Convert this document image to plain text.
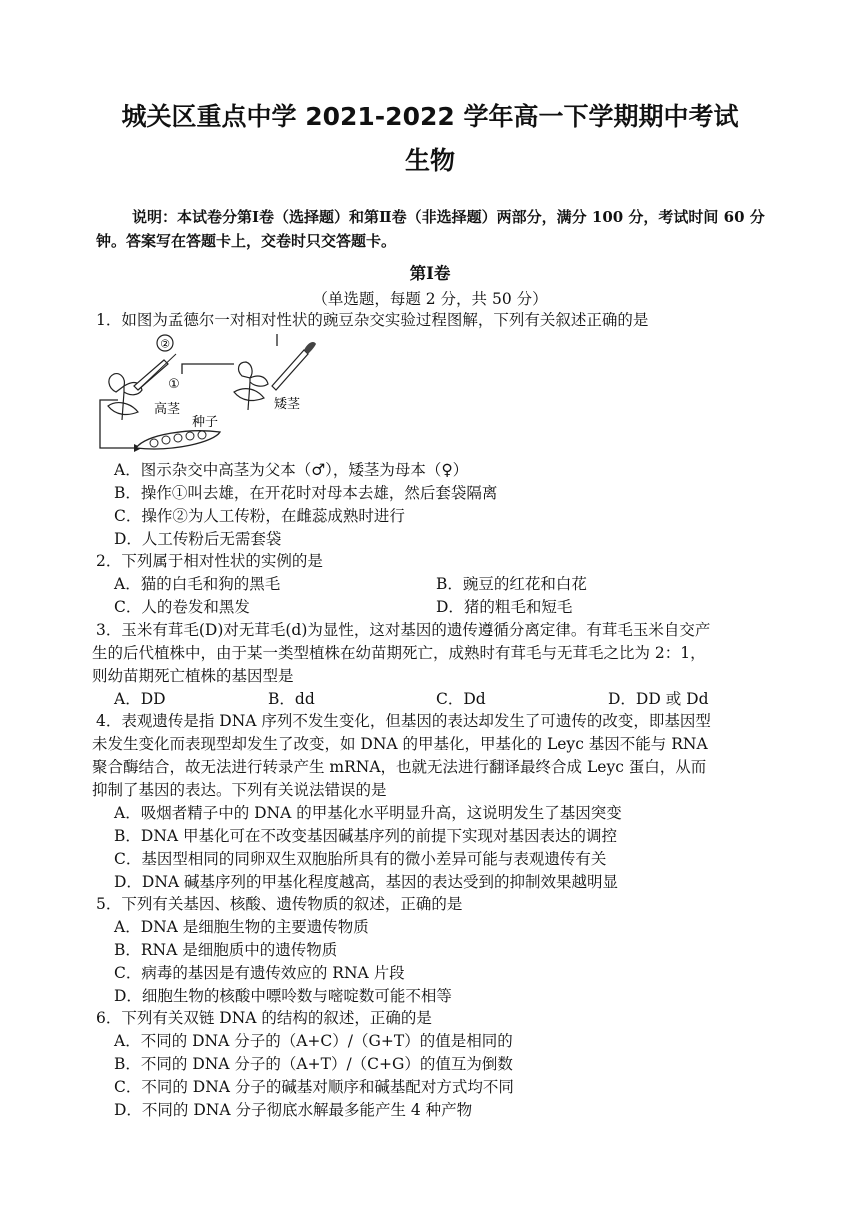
城关区重点中学 2021-2022 学年高一下学期期中考试
生物
说明：本试卷分第Ⅰ卷（选择题）和第Ⅱ卷（非选择题）两部分，满分 100 分，考试时间 60 分钟。答案写在答题卡上，交卷时只交答题卡。
第Ⅰ卷
（单选题，每题 2 分，共 50 分）
1．如图为孟德尔一对相对性状的豌豆杂交实验过程图解，下列有关叙述正确的是
②
①
高茎
种子
矮茎
A．图示杂交中高茎为父本（♂），矮茎为母本（♀）
B．操作①叫去雄，在开花时对母本去雄，然后套袋隔离
C．操作②为人工传粉，在雌蕊成熟时进行
D．人工传粉后无需套袋
2．下列属于相对性状的实例的是
A．猫的白毛和狗的黑毛	B．豌豆的红花和白花
C．人的卷发和黑发	D．猪的粗毛和短毛
3．玉米有茸毛(D)对无茸毛(d)为显性，这对基因的遗传遵循分离定律。有茸毛玉米自交产
生的后代植株中，由于某一类型植株在幼苗期死亡，成熟时有茸毛与无茸毛之比为 2：1，
则幼苗期死亡植株的基因型是
A．DD	B．dd	C．Dd	D．DD 或 Dd
4．表观遗传是指 DNA 序列不发生变化，但基因的表达却发生了可遗传的改变，即基因型
未发生变化而表现型却发生了改变，如 DNA 的甲基化，甲基化的 Leyc 基因不能与 RNA
聚合酶结合，故无法进行转录产生 mRNA，也就无法进行翻译最终合成 Leyc 蛋白，从而
抑制了基因的表达。下列有关说法错误的是
A．吸烟者精子中的 DNA 的甲基化水平明显升高，这说明发生了基因突变
B．DNA 甲基化可在不改变基因碱基序列的前提下实现对基因表达的调控
C．基因型相同的同卵双生双胞胎所具有的微小差异可能与表观遗传有关
D．DNA 碱基序列的甲基化程度越高，基因的表达受到的抑制效果越明显
5．下列有关基因、核酸、遗传物质的叙述，正确的是
A．DNA 是细胞生物的主要遗传物质
B．RNA 是细胞质中的遗传物质
C．病毒的基因是有遗传效应的 RNA 片段
D．细胞生物的核酸中嘌呤数与嘧啶数可能不相等
6．下列有关双链 DNA 的结构的叙述，正确的是
A．不同的 DNA 分子的（A+C）/（G+T）的值是相同的
B．不同的 DNA 分子的（A+T）/（C+G）的值互为倒数
C．不同的 DNA 分子的碱基对顺序和碱基配对方式均不同
D．不同的 DNA 分子彻底水解最多能产生 4 种产物
